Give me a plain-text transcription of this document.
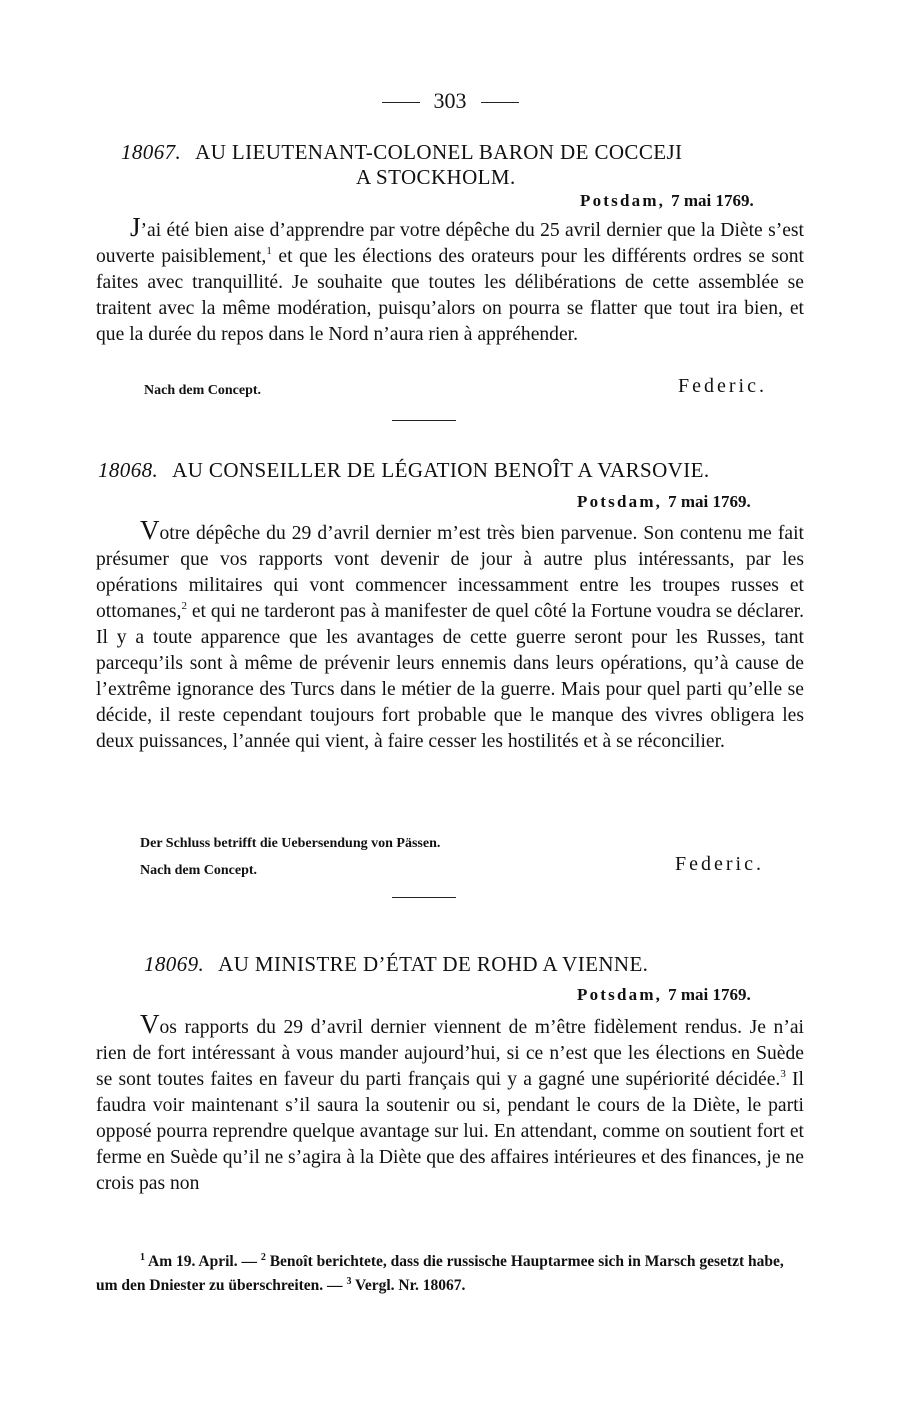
303
18067. AU LIEUTENANT-COLONEL BARON DE COCCEJI
A STOCKHOLM.
Potsdam, 7 mai 1769.
J’ai été bien aise d’apprendre par votre dépêche du 25 avril dernier que la Diète s’est ouverte paisiblement,$^1$ et que les élections des orateurs pour les différents ordres se sont faites avec tranquillité. Je souhaite que toutes les délibérations de cette assemblée se traitent avec la même modération, puisqu’alors on pourra se flatter que tout ira bien, et que la durée du repos dans le Nord n’aura rien à appréhender.
Nach dem Concept.	Federic.
18068. AU CONSEILLER DE LÉGATION BENOÎT A VARSOVIE.
Potsdam, 7 mai 1769.
Votre dépêche du 29 d’avril dernier m’est très bien parvenue. Son contenu me fait présumer que vos rapports vont devenir de jour à autre plus intéressants, par les opérations militaires qui vont commencer incessamment entre les troupes russes et ottomanes,$^2$ et qui ne tarderont pas à manifester de quel côté la Fortune voudra se déclarer. Il y a toute apparence que les avantages de cette guerre seront pour les Russes, tant parcequ’ils sont à même de prévenir leurs ennemis dans leurs opérations, qu’à cause de l’extrême ignorance des Turcs dans le métier de la guerre. Mais pour quel parti qu’elle se décide, il reste cependant toujours fort probable que le manque des vivres obligera les deux puissances, l’année qui vient, à faire cesser les hostilités et à se réconcilier.
Der Schluss betrifft die Uebersendung von Pässen.
Nach dem Concept.	Federic.
18069. AU MINISTRE D’ÉTAT DE ROHD A VIENNE.
Potsdam, 7 mai 1769.
Vos rapports du 29 d’avril dernier viennent de m’être fidèlement rendus. Je n’ai rien de fort intéressant à vous mander aujourd’hui, si ce n’est que les élections en Suède se sont toutes faites en faveur du parti français qui y a gagné une supériorité décidée.$^3$ Il faudra voir maintenant s’il saura la soutenir ou si, pendant le cours de la Diète, le parti opposé pourra reprendre quelque avantage sur lui. En attendant, comme on soutient fort et ferme en Suède qu’il ne s’agira à la Diète que des affaires intérieures et des finances, je ne crois pas non
$^1$ Am 19. April. — $^2$ Benoît berichtete, dass die russische Hauptarmee sich in Marsch gesetzt habe, um den Dniester zu überschreiten. — $^3$ Vergl. Nr. 18067.
